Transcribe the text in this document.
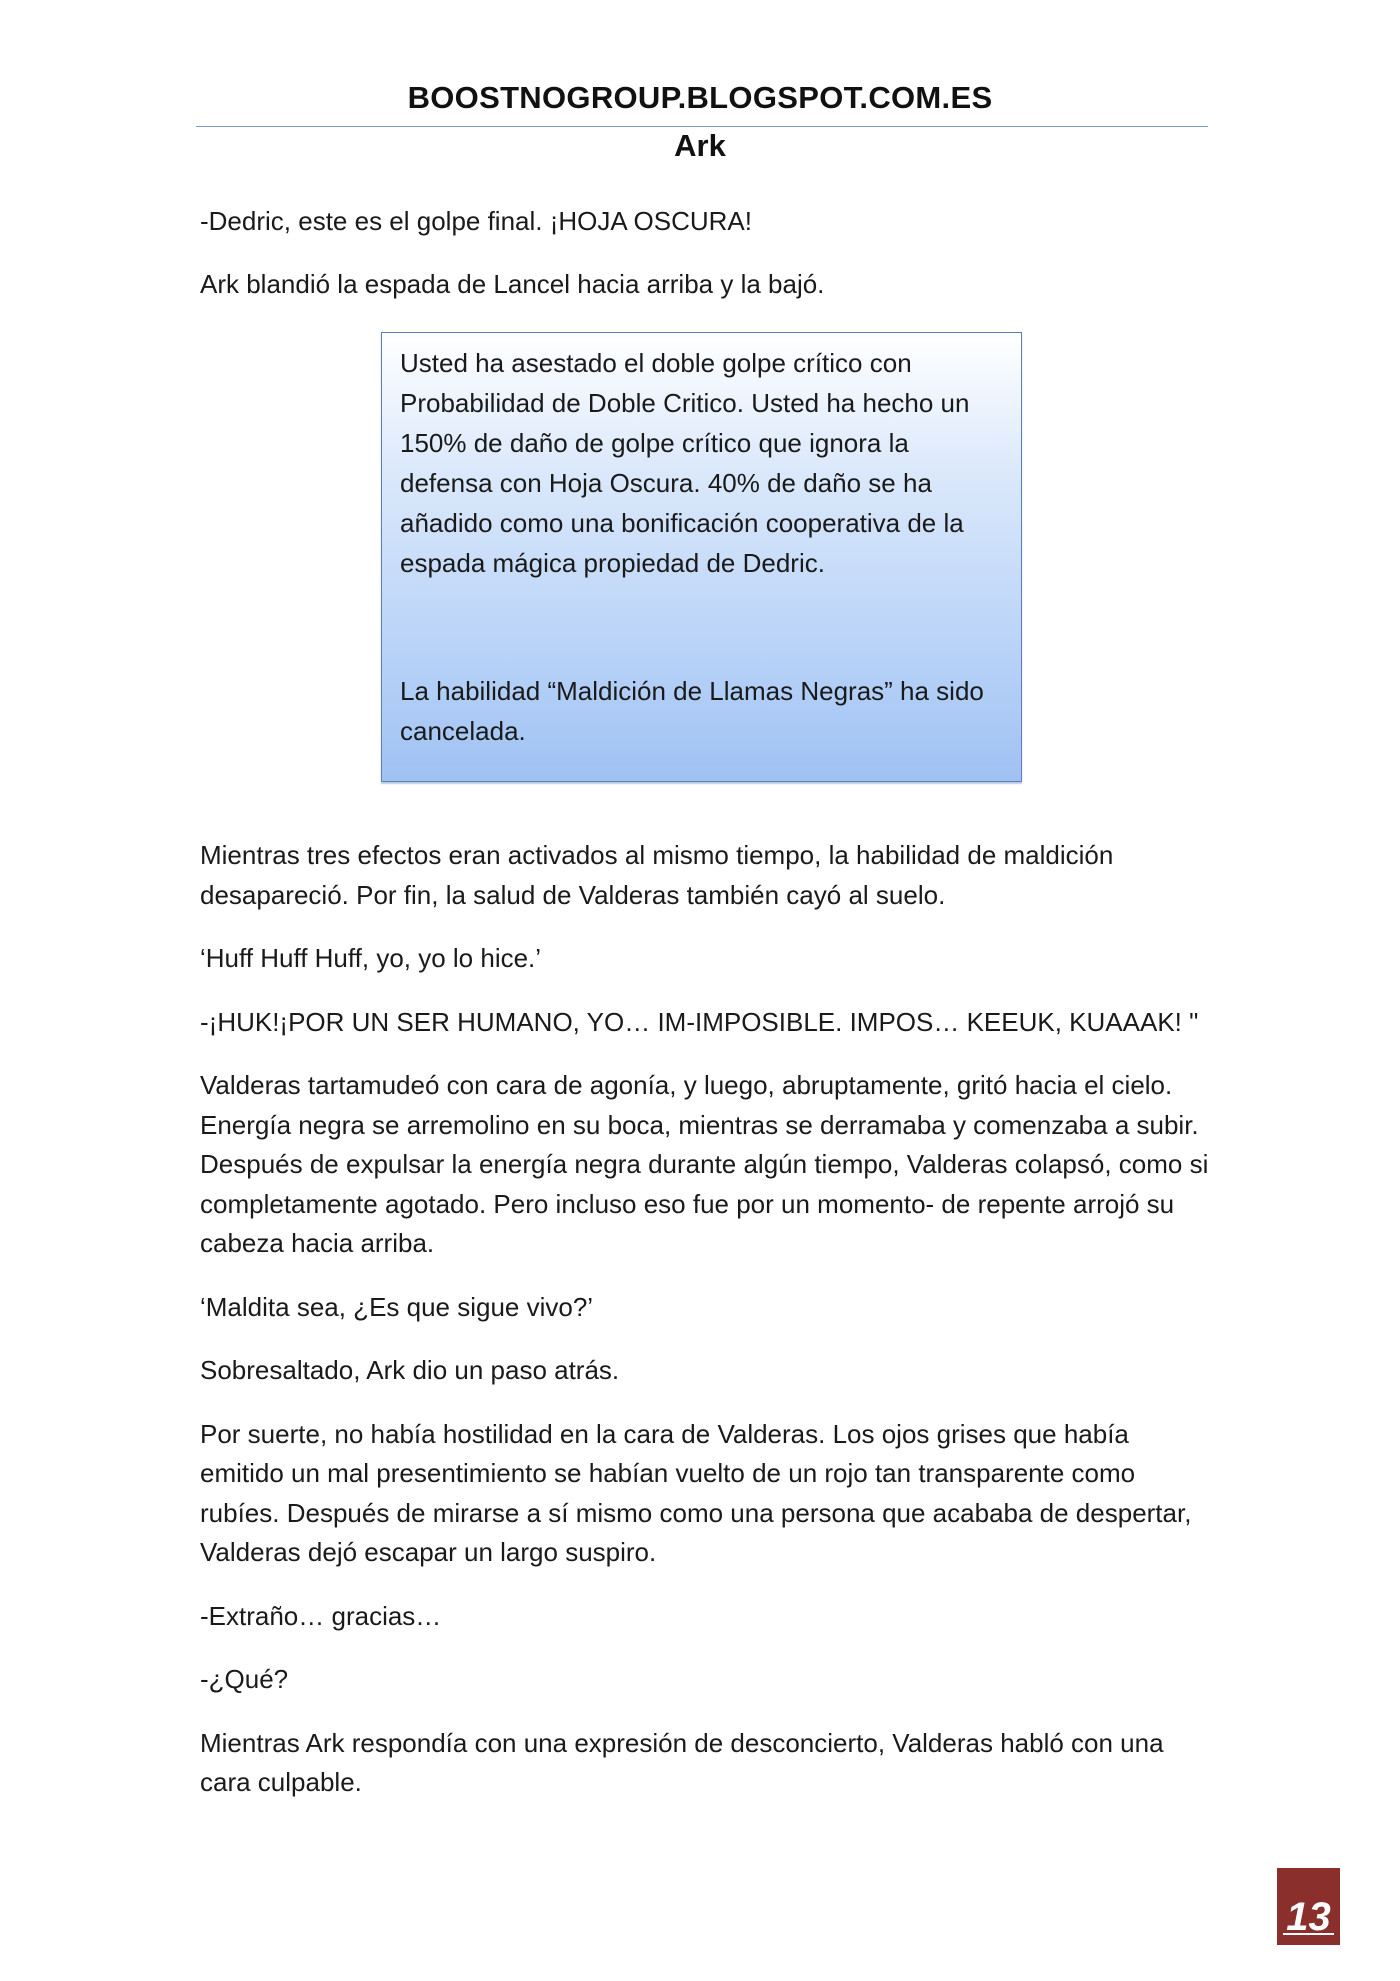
BOOSTNOGROUP.BLOGSPOT.COM.ES
Ark

-Dedric, este es el golpe final. ¡HOJA OSCURA!

Ark blandió la espada de Lancel hacia arriba y la bajó.

Usted ha asestado el doble golpe crítico con Probabilidad de Doble Critico. Usted ha hecho un 150% de daño de golpe crítico que ignora la defensa con Hoja Oscura. 40% de daño se ha añadido como una bonificación cooperativa de la espada mágica propiedad de Dedric.

La habilidad “Maldición de Llamas Negras” ha sido cancelada.

Mientras tres efectos eran activados al mismo tiempo, la habilidad de maldición desapareció. Por fin, la salud de Valderas también cayó al suelo.

‘Huff Huff Huff, yo, yo lo hice.’

-¡HUK!¡POR UN SER HUMANO, YO… IM-IMPOSIBLE. IMPOS… KEEUK, KUAAAK! "

Valderas tartamudeó con cara de agonía, y luego, abruptamente, gritó hacia el cielo. Energía negra se arremolino en su boca, mientras se derramaba y comenzaba a subir. Después de expulsar la energía negra durante algún tiempo, Valderas colapsó, como si completamente agotado. Pero incluso eso fue por un momento- de repente arrojó su cabeza hacia arriba.

‘Maldita sea, ¿Es que sigue vivo?’

Sobresaltado, Ark dio un paso atrás.

Por suerte, no había hostilidad en la cara de Valderas. Los ojos grises que había emitido un mal presentimiento se habían vuelto de un rojo tan transparente como rubíes. Después de mirarse a sí mismo como una persona que acababa de despertar, Valderas dejó escapar un largo suspiro.

-Extraño… gracias…

-¿Qué?

Mientras Ark respondía con una expresión de desconcierto, Valderas habló con una cara culpable.

13
